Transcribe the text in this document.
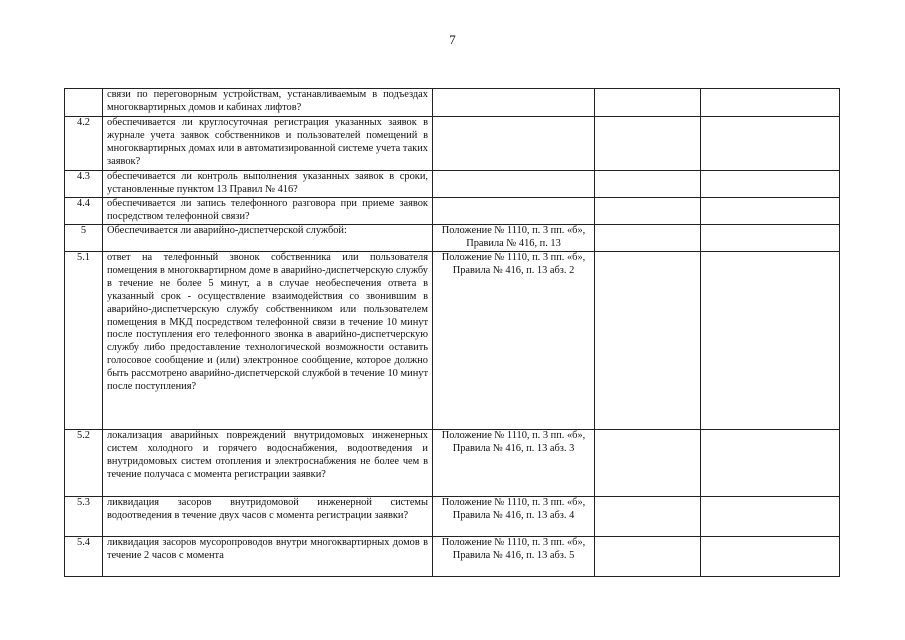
7
	связи по переговорным устройствам, устанавливаемым в подъездах многоквартирных домов и кабинах лифтов?			
4.2	обеспечивается ли круглосуточная регистрация указанных заявок в журнале учета заявок собственников и пользователей помещений в многоквартирных домах или в автоматизированной системе учета таких заявок?			
4.3	обеспечивается ли контроль выполнения указанных заявок в сроки, установленные пунктом 13 Правил № 416?			
4.4	обеспечивается ли запись телефонного разговора при приеме заявок посредством телефонной связи?			
5	Обеспечивается ли аварийно-диспетчерской службой:	Положение № 1110, п. 3 пп. «б», Правила № 416, п. 13		
5.1	ответ на телефонный звонок собственника или пользователя помещения в многоквартирном доме в аварийно-диспетчерскую службу в течение не более 5 минут, а в случае необеспечения ответа в указанный срок - осуществление взаимодействия со звонившим в аварийно-диспетчерскую службу собственником или пользователем помещения в МКД посредством телефонной связи в течение 10 минут после поступления его телефонного звонка в аварийно-диспетчерскую службу либо предоставление технологической возможности оставить голосовое сообщение и (или) электронное сообщение, которое должно быть рассмотрено аварийно-диспетчерской службой в течение 10 минут после поступления?	Положение № 1110, п. 3 пп. «б», Правила № 416, п. 13 абз. 2		
5.2	локализация аварийных повреждений внутридомовых инженерных систем холодного и горячего водоснабжения, водоотведения и внутридомовых систем отопления и электроснабжения не более чем в течение получаса с момента регистрации заявки?	Положение № 1110, п. 3 пп. «б», Правила № 416, п. 13 абз. 3		
5.3	ликвидация засоров внутридомовой инженерной системы водоотведения в течение двух часов с момента регистрации заявки?	Положение № 1110, п. 3 пп. «б», Правила № 416, п. 13 абз. 4		
5.4	ликвидация засоров мусоропроводов внутри многоквартирных домов в течение 2 часов с момента	Положение № 1110, п. 3 пп. «б», Правила № 416, п. 13 абз. 5		
